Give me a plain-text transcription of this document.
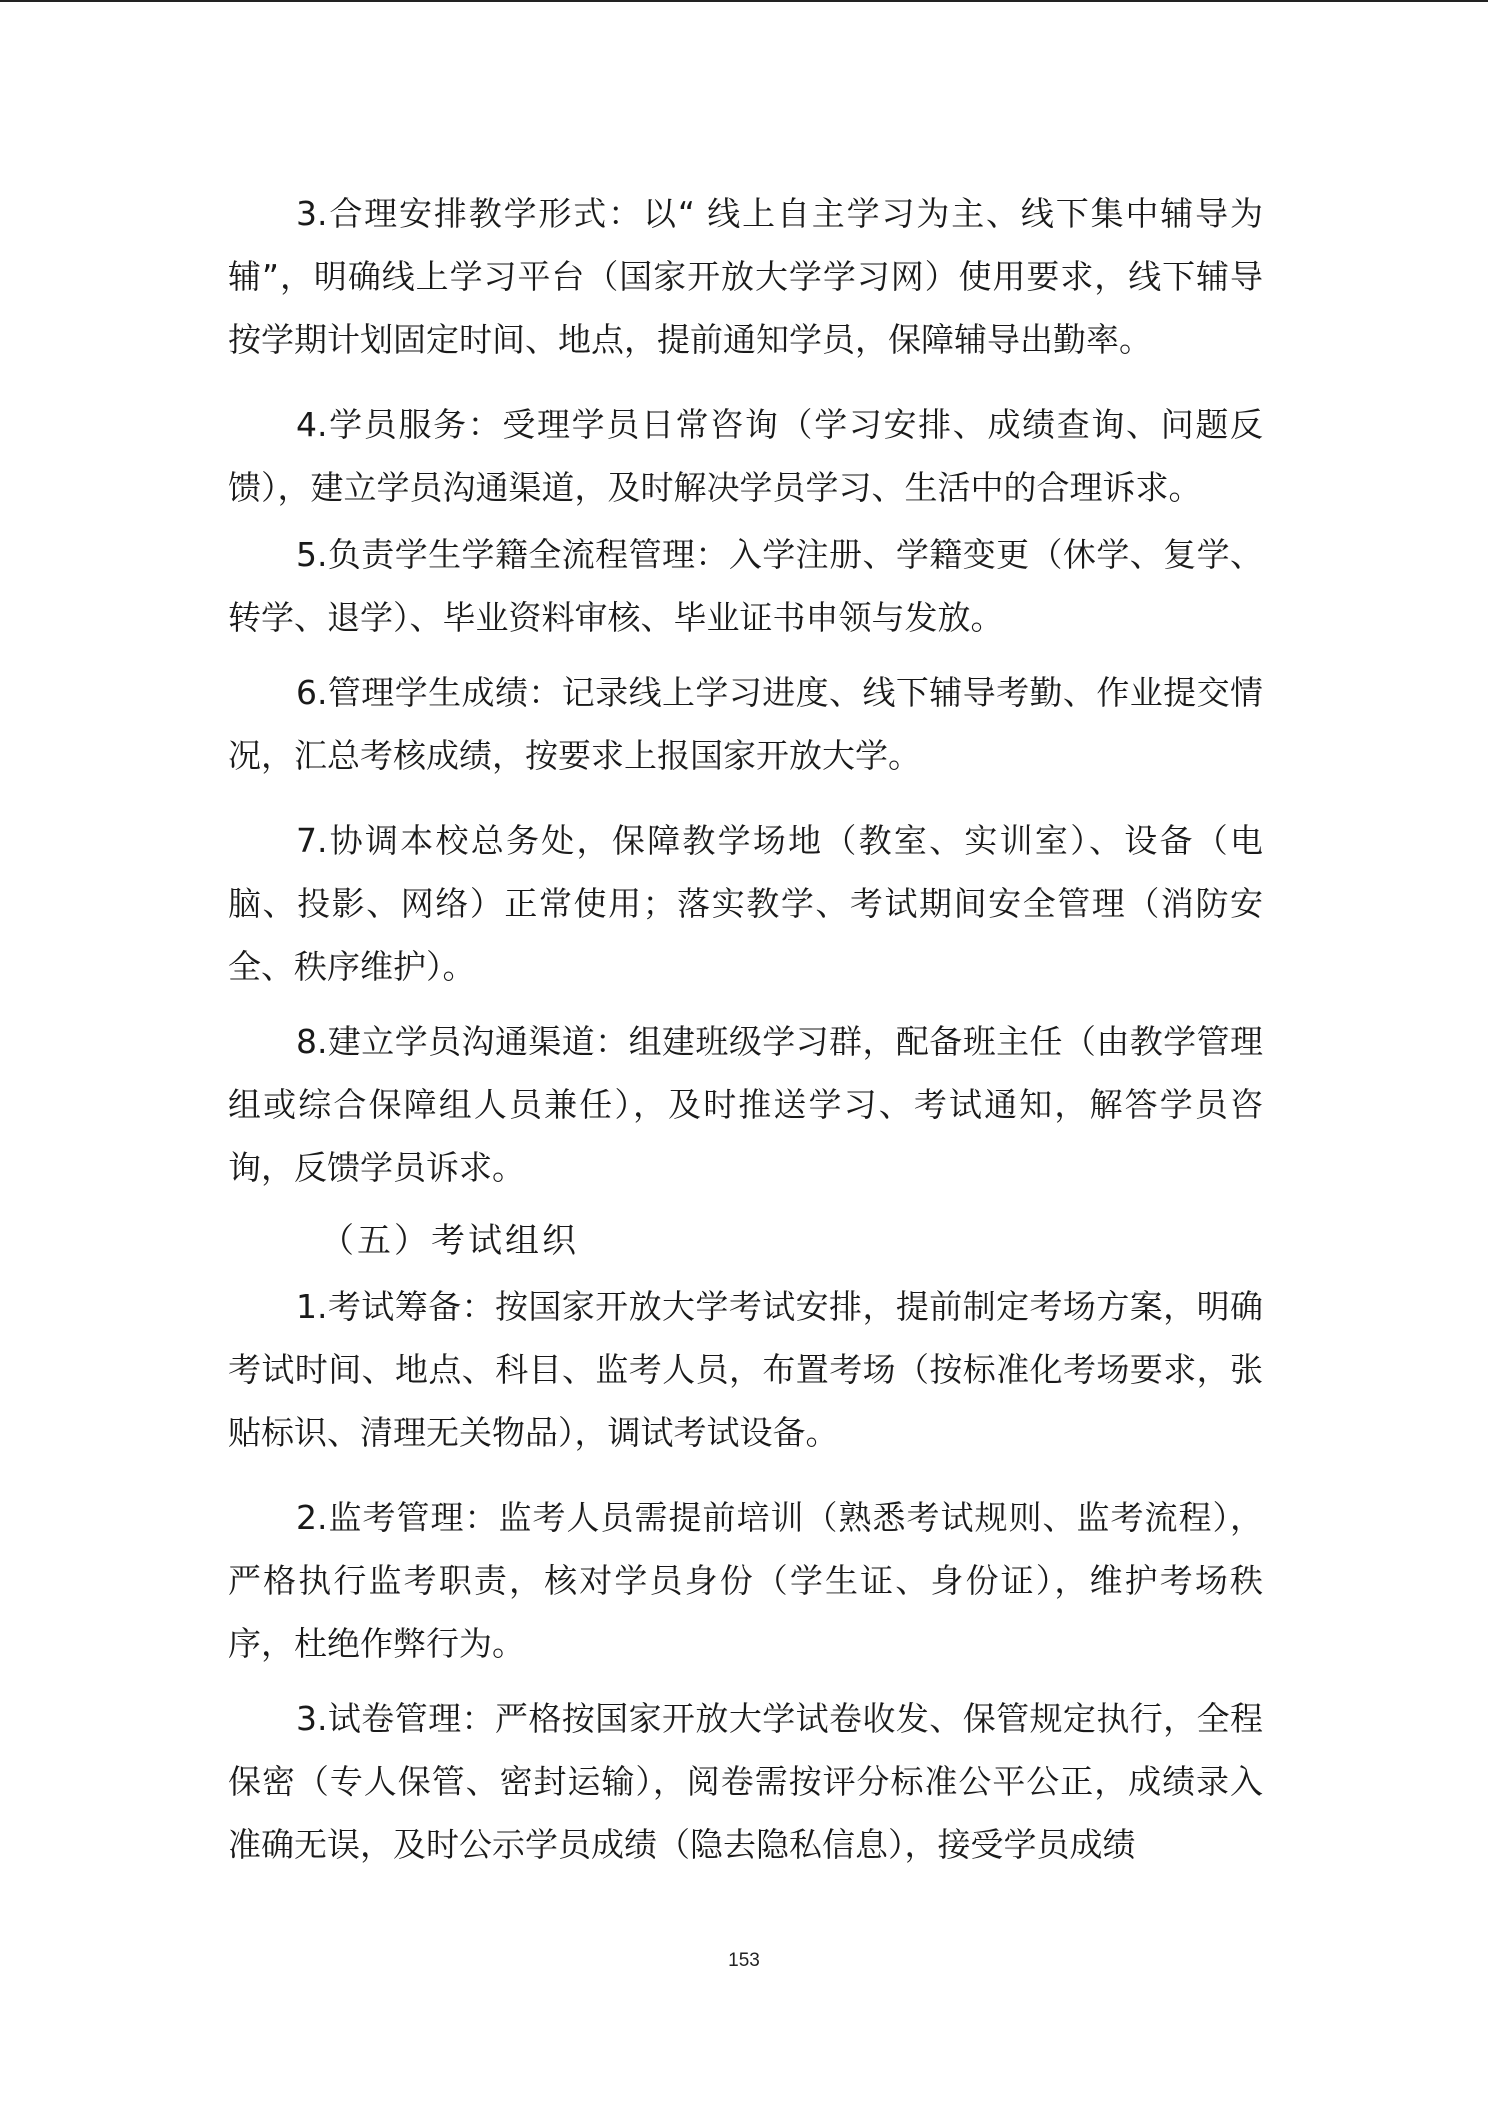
3.合理安排教学形式：以“ 线上自主学习为主、线下集中辅导为辅”，明确线上学习平台（国家开放大学学习网）使用要求，线下辅导按学期计划固定时间、地点，提前通知学员，保障辅导出勤率。

4.学员服务：受理学员日常咨询（学习安排、成绩查询、问题反馈），建立学员沟通渠道，及时解决学员学习、生活中的合理诉求。

5.负责学生学籍全流程管理：入学注册、学籍变更（休学、复学、转学、退学）、毕业资料审核、毕业证书申领与发放。

6.管理学生成绩：记录线上学习进度、线下辅导考勤、作业提交情况，汇总考核成绩，按要求上报国家开放大学。

7.协调本校总务处，保障教学场地（教室、实训室）、设备（电脑、投影、网络）正常使用；落实教学、考试期间安全管理（消防安全、秩序维护）。

8.建立学员沟通渠道：组建班级学习群，配备班主任（由教学管理组或综合保障组人员兼任），及时推送学习、考试通知，解答学员咨询，反馈学员诉求。

（五）考试组织

1.考试筹备：按国家开放大学考试安排，提前制定考场方案，明确考试时间、地点、科目、监考人员，布置考场（按标准化考场要求，张贴标识、清理无关物品），调试考试设备。

2.监考管理：监考人员需提前培训（熟悉考试规则、监考流程），严格执行监考职责，核对学员身份（学生证、身份证），维护考场秩序，杜绝作弊行为。

3.试卷管理：严格按国家开放大学试卷收发、保管规定执行，全程保密（专人保管、密封运输），阅卷需按评分标准公平公正，成绩录入准确无误，及时公示学员成绩（隐去隐私信息），接受学员成绩

153
